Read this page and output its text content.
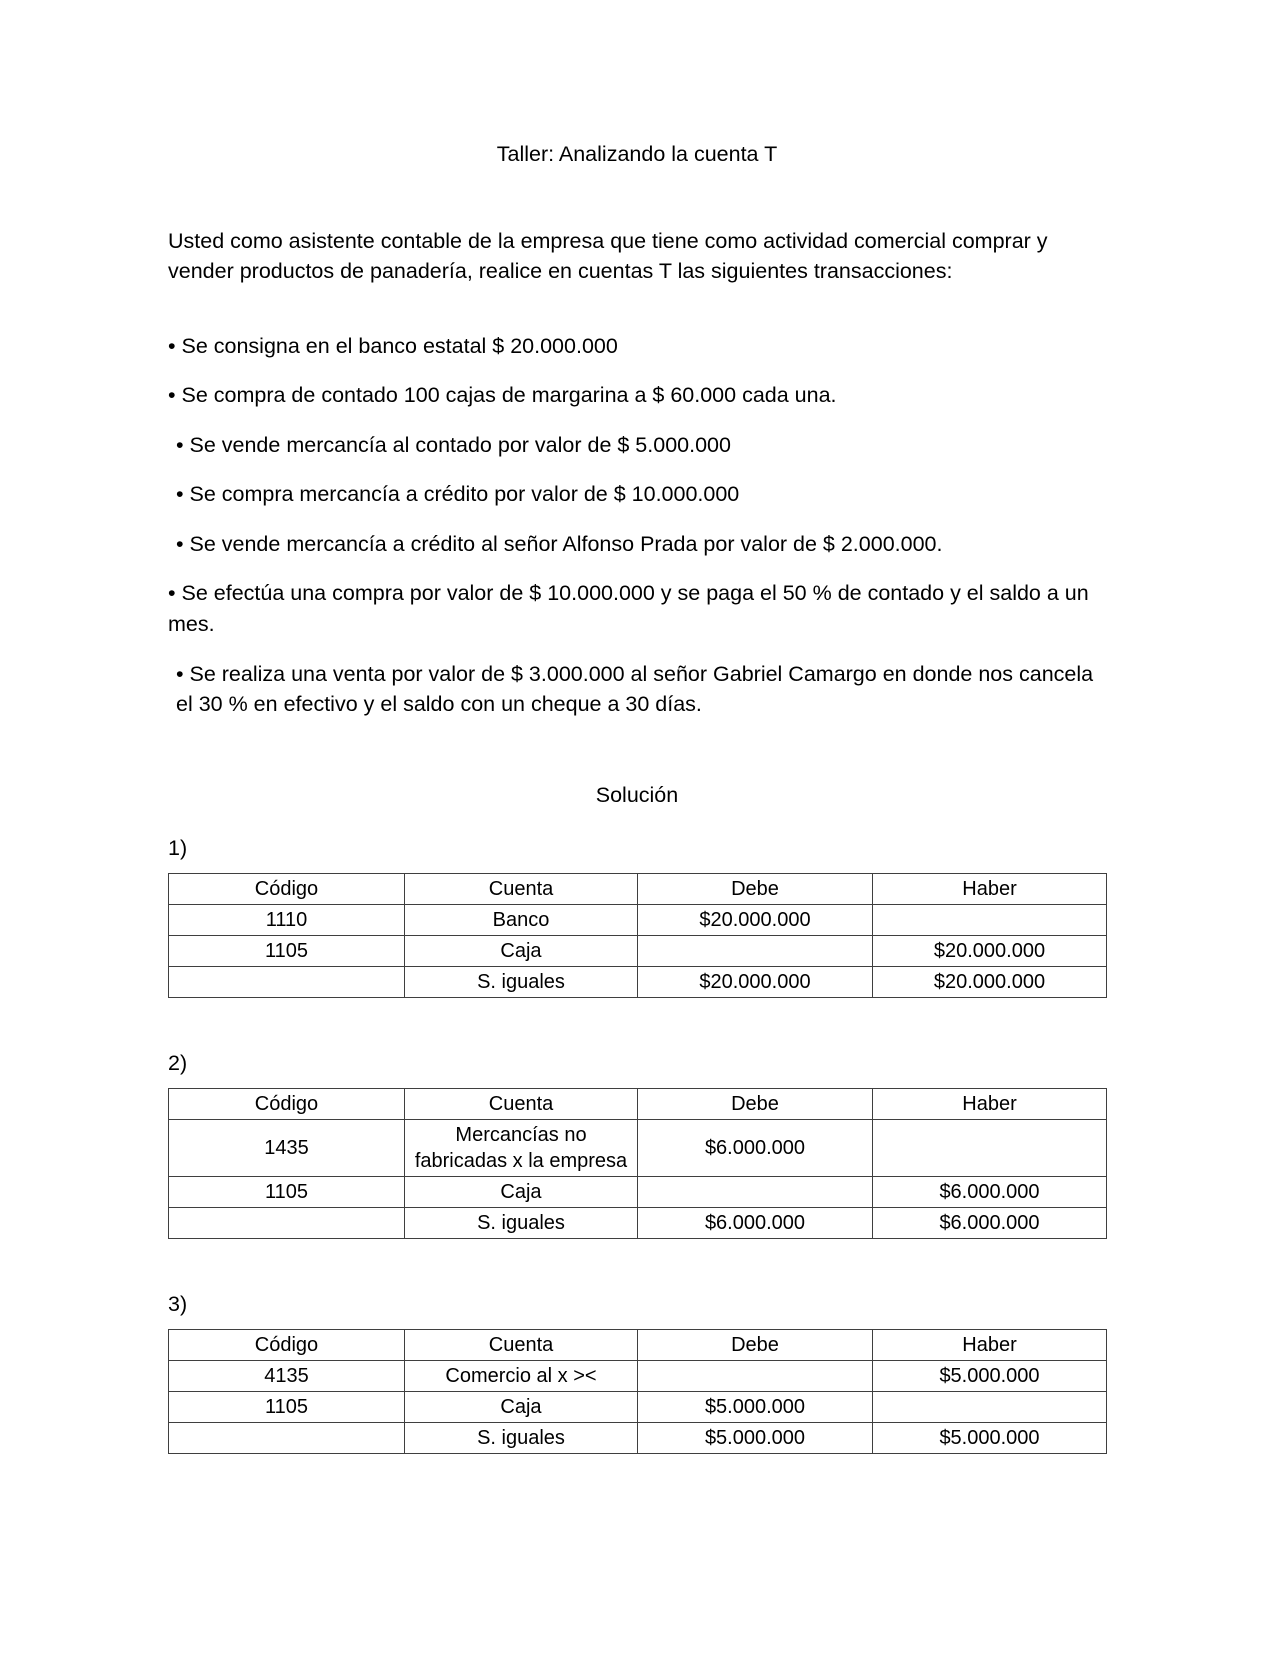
Taller: Analizando la cuenta T
Usted como asistente contable de la empresa que tiene como actividad comercial comprar y vender productos de panadería, realice en cuentas T las siguientes transacciones:
• Se consigna en el banco estatal $ 20.000.000
• Se compra de contado 100 cajas de margarina a $ 60.000 cada una.
• Se vende mercancía al contado por valor de $ 5.000.000
• Se compra mercancía a crédito por valor de $ 10.000.000
• Se vende mercancía a crédito al señor Alfonso Prada por valor de $ 2.000.000.
• Se efectúa una compra por valor de $ 10.000.000 y se paga el 50 % de contado y el saldo a un mes.
• Se realiza una venta por valor de $ 3.000.000 al señor Gabriel Camargo en donde nos cancela el 30 % en efectivo y el saldo con un cheque a 30 días.
Solución
1)
Código	Cuenta	Debe	Haber
1110	Banco	$20.000.000	
1105	Caja		$20.000.000
	S. iguales	$20.000.000	$20.000.000
2)
Código	Cuenta	Debe	Haber
1435	Mercancías no fabricadas x la empresa	$6.000.000	
1105	Caja		$6.000.000
	S. iguales	$6.000.000	$6.000.000
3)
Código	Cuenta	Debe	Haber
4135	Comercio al x ><		$5.000.000
1105	Caja	$5.000.000	
	S. iguales	$5.000.000	$5.000.000
